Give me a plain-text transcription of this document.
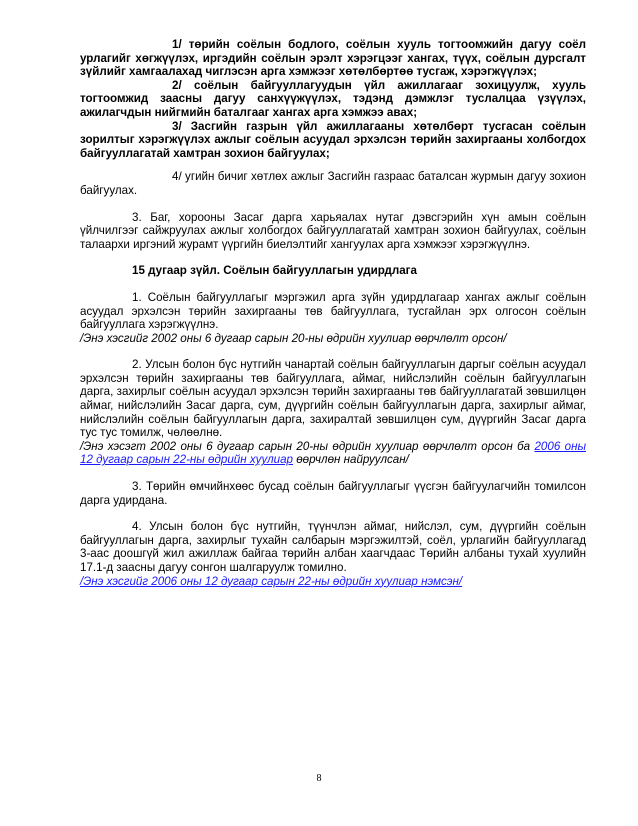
1/ төрийн соёлын бодлого, соёлын хууль тогтоомжийн дагуу соёл урлагийг хөгжүүлэх, иргэдийн соёлын эрэлт хэрэгцээг хангах, түүх, соёлын дурсгалт зүйлийг хамгаалахад чиглэсэн арга хэмжээг хөтөлбөртөө тусгаж, хэрэгжүүлэх;

2/ соёлын байгууллагуудын үйл ажиллагааг зохицуулж, хууль тогтоомжид заасны дагуу санхүүжүүлэх, тэдэнд дэмжлэг туслалцаа үзүүлэх, ажилагчдын нийгмийн баталгааг хангах арга хэмжээ авах;

3/ Засгийн газрын үйл ажиллагааны хөтөлбөрт тусгасан соёлын зорилтыг хэрэгжүүлэх ажлыг соёлын асуудал эрхэлсэн төрийн захиргааны холбогдох байгууллагатай хамтран зохион байгуулах;

4/ угийн бичиг хөтлөх ажлыг Засгийн газраас баталсан журмын дагуу зохион байгуулах.

3. Баг, хорооны Засаг дарга харьяалах нутаг дэвсгэрийн хүн амын соёлын үйлчилгээг сайжруулах ажлыг холбогдох байгууллагатай хамтран зохион байгуулах, соёлын талаархи иргэний журамт үүргийн биелэлтийг хангуулах арга хэмжээг хэрэгжүүлнэ.

15 дугаар зүйл. Соёлын байгууллагын удирдлага

1. Соёлын байгууллагыг мэргэжил арга зүйн удирдлагаар хангах ажлыг соёлын асуудал эрхэлсэн төрийн захиргааны төв байгууллага, тусгайлан эрх олгосон соёлын байгууллага хэрэгжүүлнэ.

/Энэ хэсгийг 2002 оны 6 дугаар сарын 20-ны өдрийн хуулиар өөрчлөлт орсон/

2. Улсын болон бүс нутгийн чанартай соёлын байгууллагын даргыг соёлын асуудал эрхэлсэн төрийн захиргааны төв байгууллага, аймаг, нийслэлийн соёлын байгууллагын дарга, захирлыг соёлын асуудал эрхэлсэн төрийн захиргааны төв байгууллагатай зөвшилцөн аймаг, нийслэлийн Засаг дарга, сум, дүүргийн соёлын байгууллагын дарга, захирлыг аймаг, нийслэлийн соёлын байгууллагын дарга, захиралтай зөвшилцөн сум, дүүргийн Засаг дарга тус тус томилж, чөлөөлнө.

/Энэ хэсэгт 2002 оны 6 дугаар сарын 20-ны өдрийн хуулиар өөрчлөлт орсон ба 2006 оны 12 дугаар сарын 22-ны өдрийн хуулиар өөрчлөн найруулсан/

3. Төрийн өмчийнхөөс бусад соёлын байгууллагыг үүсгэн байгуулагчийн томилсон дарга удирдана.

4. Улсын болон бүс нутгийн, түүнчлэн аймаг, нийслэл, сум, дүүргийн соёлын байгууллагын дарга, захирлыг тухайн салбарын мэргэжилтэй, соёл, урлагийн байгууллагад 3-аас доошгүй жил ажиллаж байгаа төрийн албан хаагчдаас Төрийн албаны тухай хуулийн 17.1-д заасны дагуу сонгон шалгаруулж томилно.

/Энэ хэсгийг 2006 оны 12 дугаар сарын 22-ны өдрийн хуулиар нэмсэн/

8
